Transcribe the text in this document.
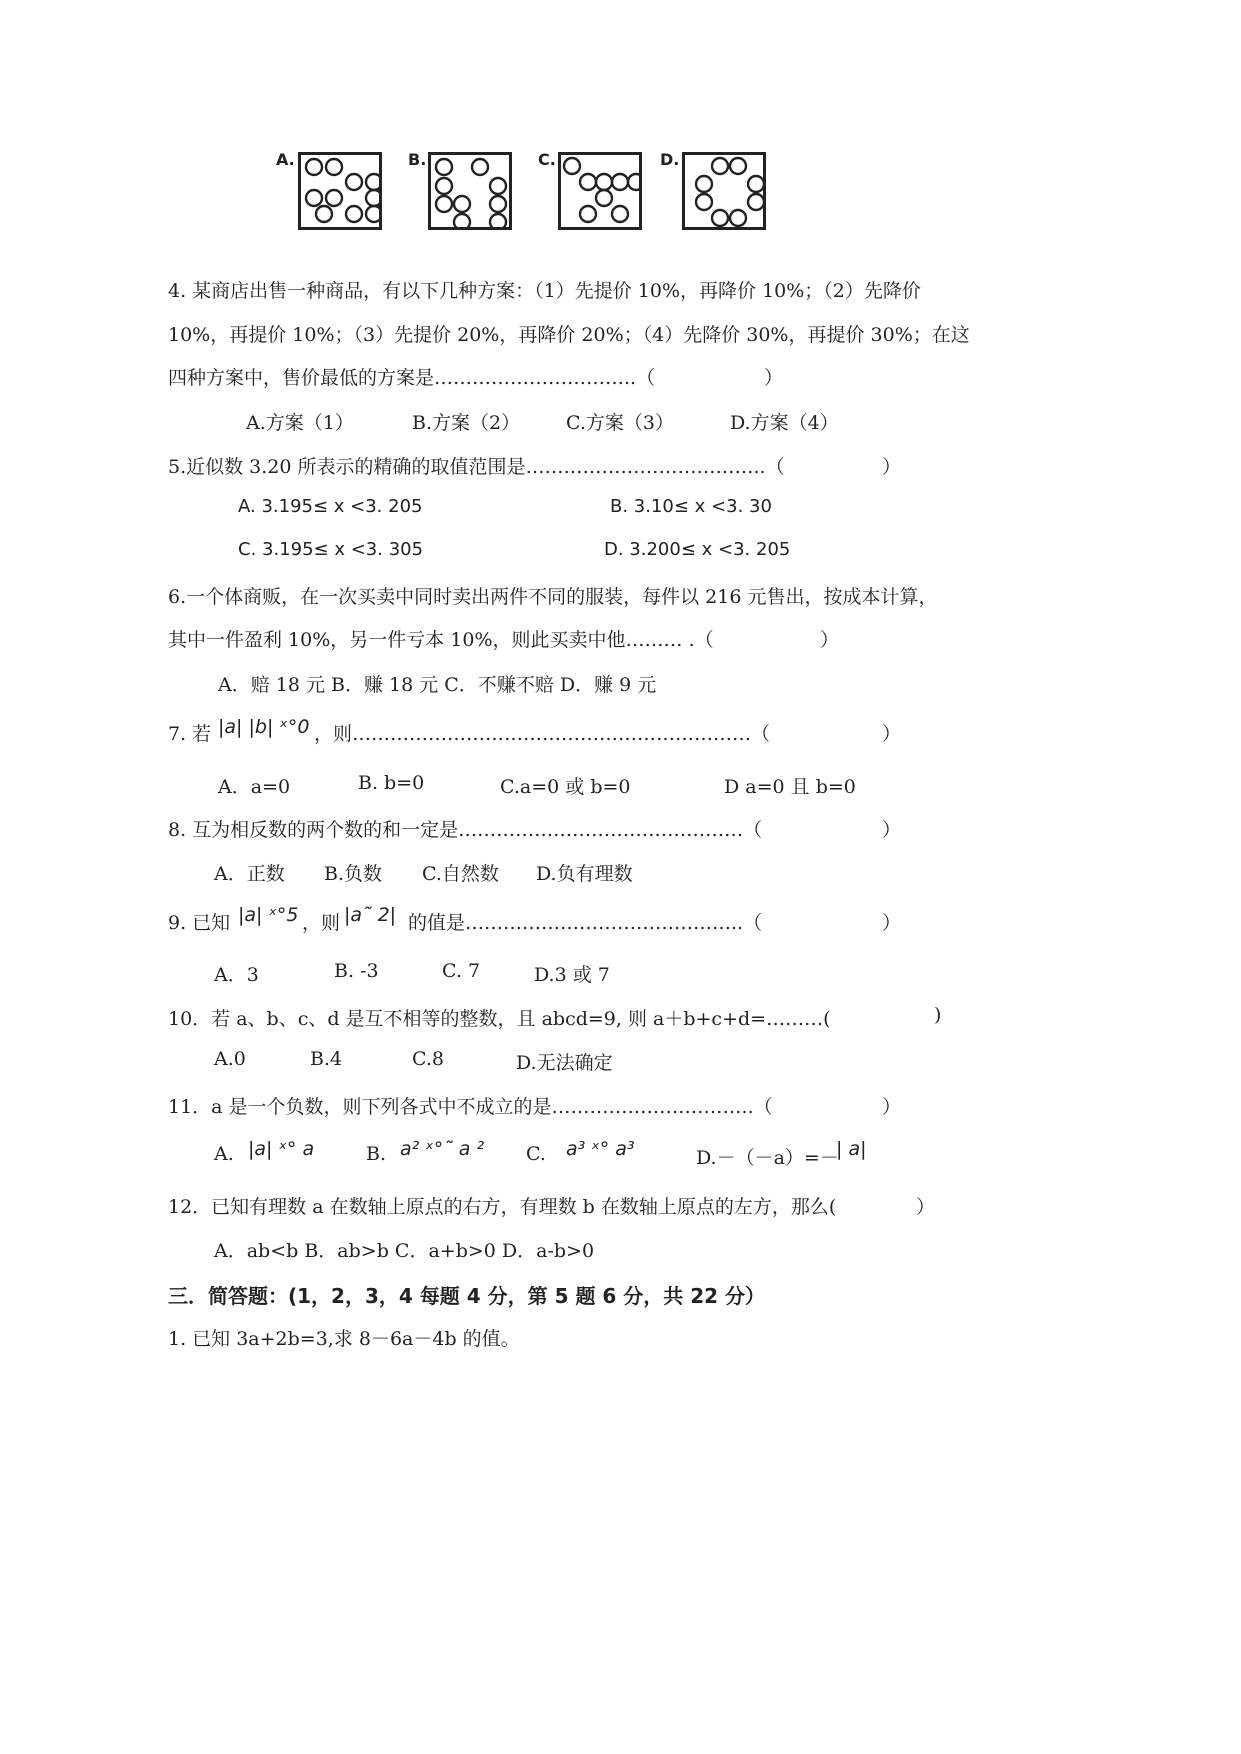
A.	B.	C.	D.
4. 某商店出售一种商品，有以下几种方案：（1）先提价 10%，再降价 10%；（2）先降价
10%，再提价 10%；（3）先提价 20%，再降价 20%；（4）先降价 30%，再提价 30%；在这
四种方案中，售价最低的方案是…………………………..（	）
A.方案（1）	B.方案（2） C.方案（3）	D.方案（4）
5.近似数 3.20 所表示的精确的取值范围是………………………………..（	）
A. 3.195≤ x <3. 205	B. 3.10≤ x <3. 30
C. 3.195≤ x <3. 305	D. 3.200≤ x <3. 205
6.一个体商贩，在一次买卖中同时卖出两件不同的服装，每件以 216 元售出，按成本计算，
其中一件盈利 10%，另一件亏本 10%，则此买卖中他……… .（	）
A．赔 18 元 B．赚 18 元 C．不赚不赔 D．赚 9 元
7. 若 |a| |b| ˣ°0 ，则………………………………………………………（	）
A．a=0	B. b=0	C.a=0 或 b=0	D a=0 且 b=0
8. 互为相反数的两个数的和一定是………………………………………（	）
A．正数 B.负数 C.自然数 D.负有理数
9. 已知 |a| ˣ°5 ，则 |a˜ 2| 的值是……………………………………..（	）
A．3	B. -3	C. 7	D.3 或 7
10．若 a、b、c、d 是互不相等的整数，且 abcd=9, 则 a＋b+c+d=………(	)
A.0	B.4	C.8	D.无法确定
11．a 是一个负数，则下列各式中不成立的是…………………………..（	）
A. |a| ˣ° a	B. a² ˣ°˜ a ² C. a³ ˣ° a³	D.－（－a）=－
| a|
12．已知有理数 a 在数轴上原点的右方，有理数 b 在数轴上原点的左方，那么(	）
A．ab<b B．ab>b C．a+b>0 D．a-b>0
三．简答题：(1，2，3，4 每题 4 分，第 5 题 6 分，共 22 分）
1. 已知 3a+2b=3,求 8－6a－4b 的值。
